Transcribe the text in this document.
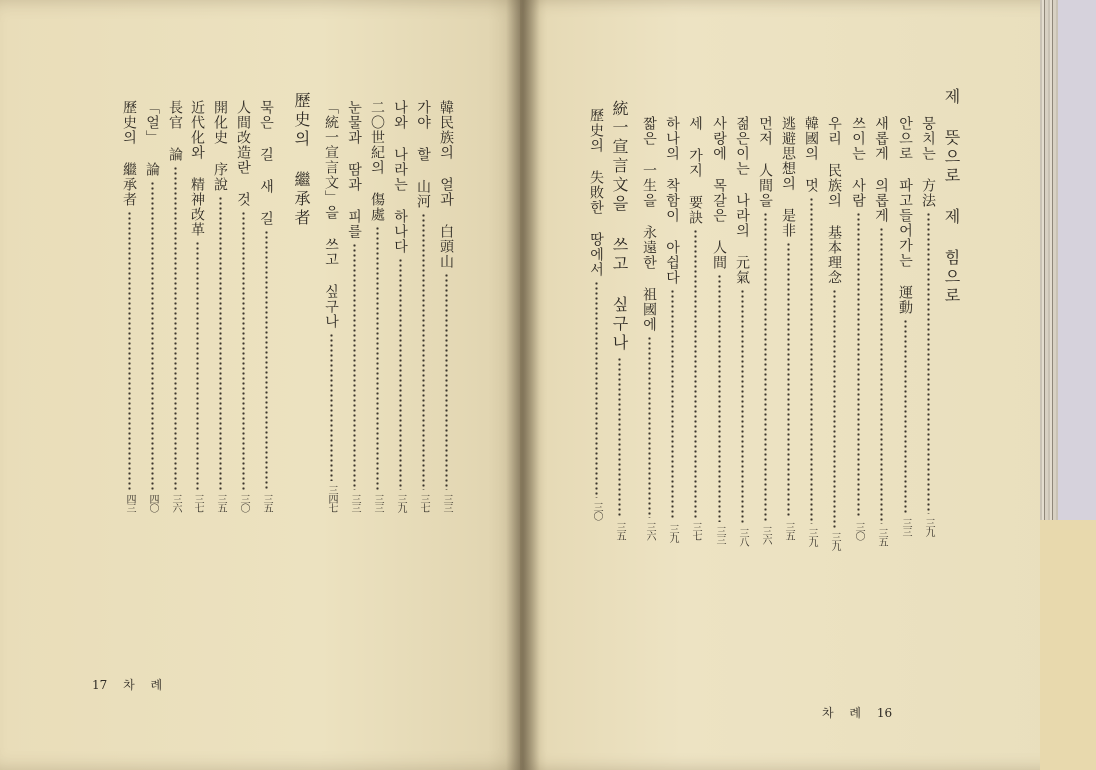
제 뜻으로 제 힘으로
뭉치는 方法
三九
안으로 파고들어가는 運動
三三
새롭게 의롭게
三五
쓰이는 사람
三〇
우리 民族의 基本理念
三九
韓國의 멋
三九
逃避思想의 是非
三五
먼저 人間을
三六
젊은이는 나라의 元氣
三八
사랑에 목갈은 人間
三三
세 가지 要訣
三七
하나의 착함이 아쉽다
三九
짧은 一生을 永遠한 祖國에
三六
統一宣言文을 쓰고 싶구나
三五
歷史의 失敗한 땅에서
三〇
차 례 16
韓民族의 얼과 白頭山
三三
가야 할 山河
三七
나와 나라는 하나다
三九
二〇世紀의 傷處
三三
눈물과 땀과 피를
三三
「統一宣言文」을 쓰고 싶구나
三四七
歷史의 繼承者
묵은 길 새 길
三五
人間改造란 것
三〇
開化史 序說
三五
近代化와 精神改革
三七
長官 論
三六
「얼」 論
四〇
歷史의 繼承者
四三
17 차 례
